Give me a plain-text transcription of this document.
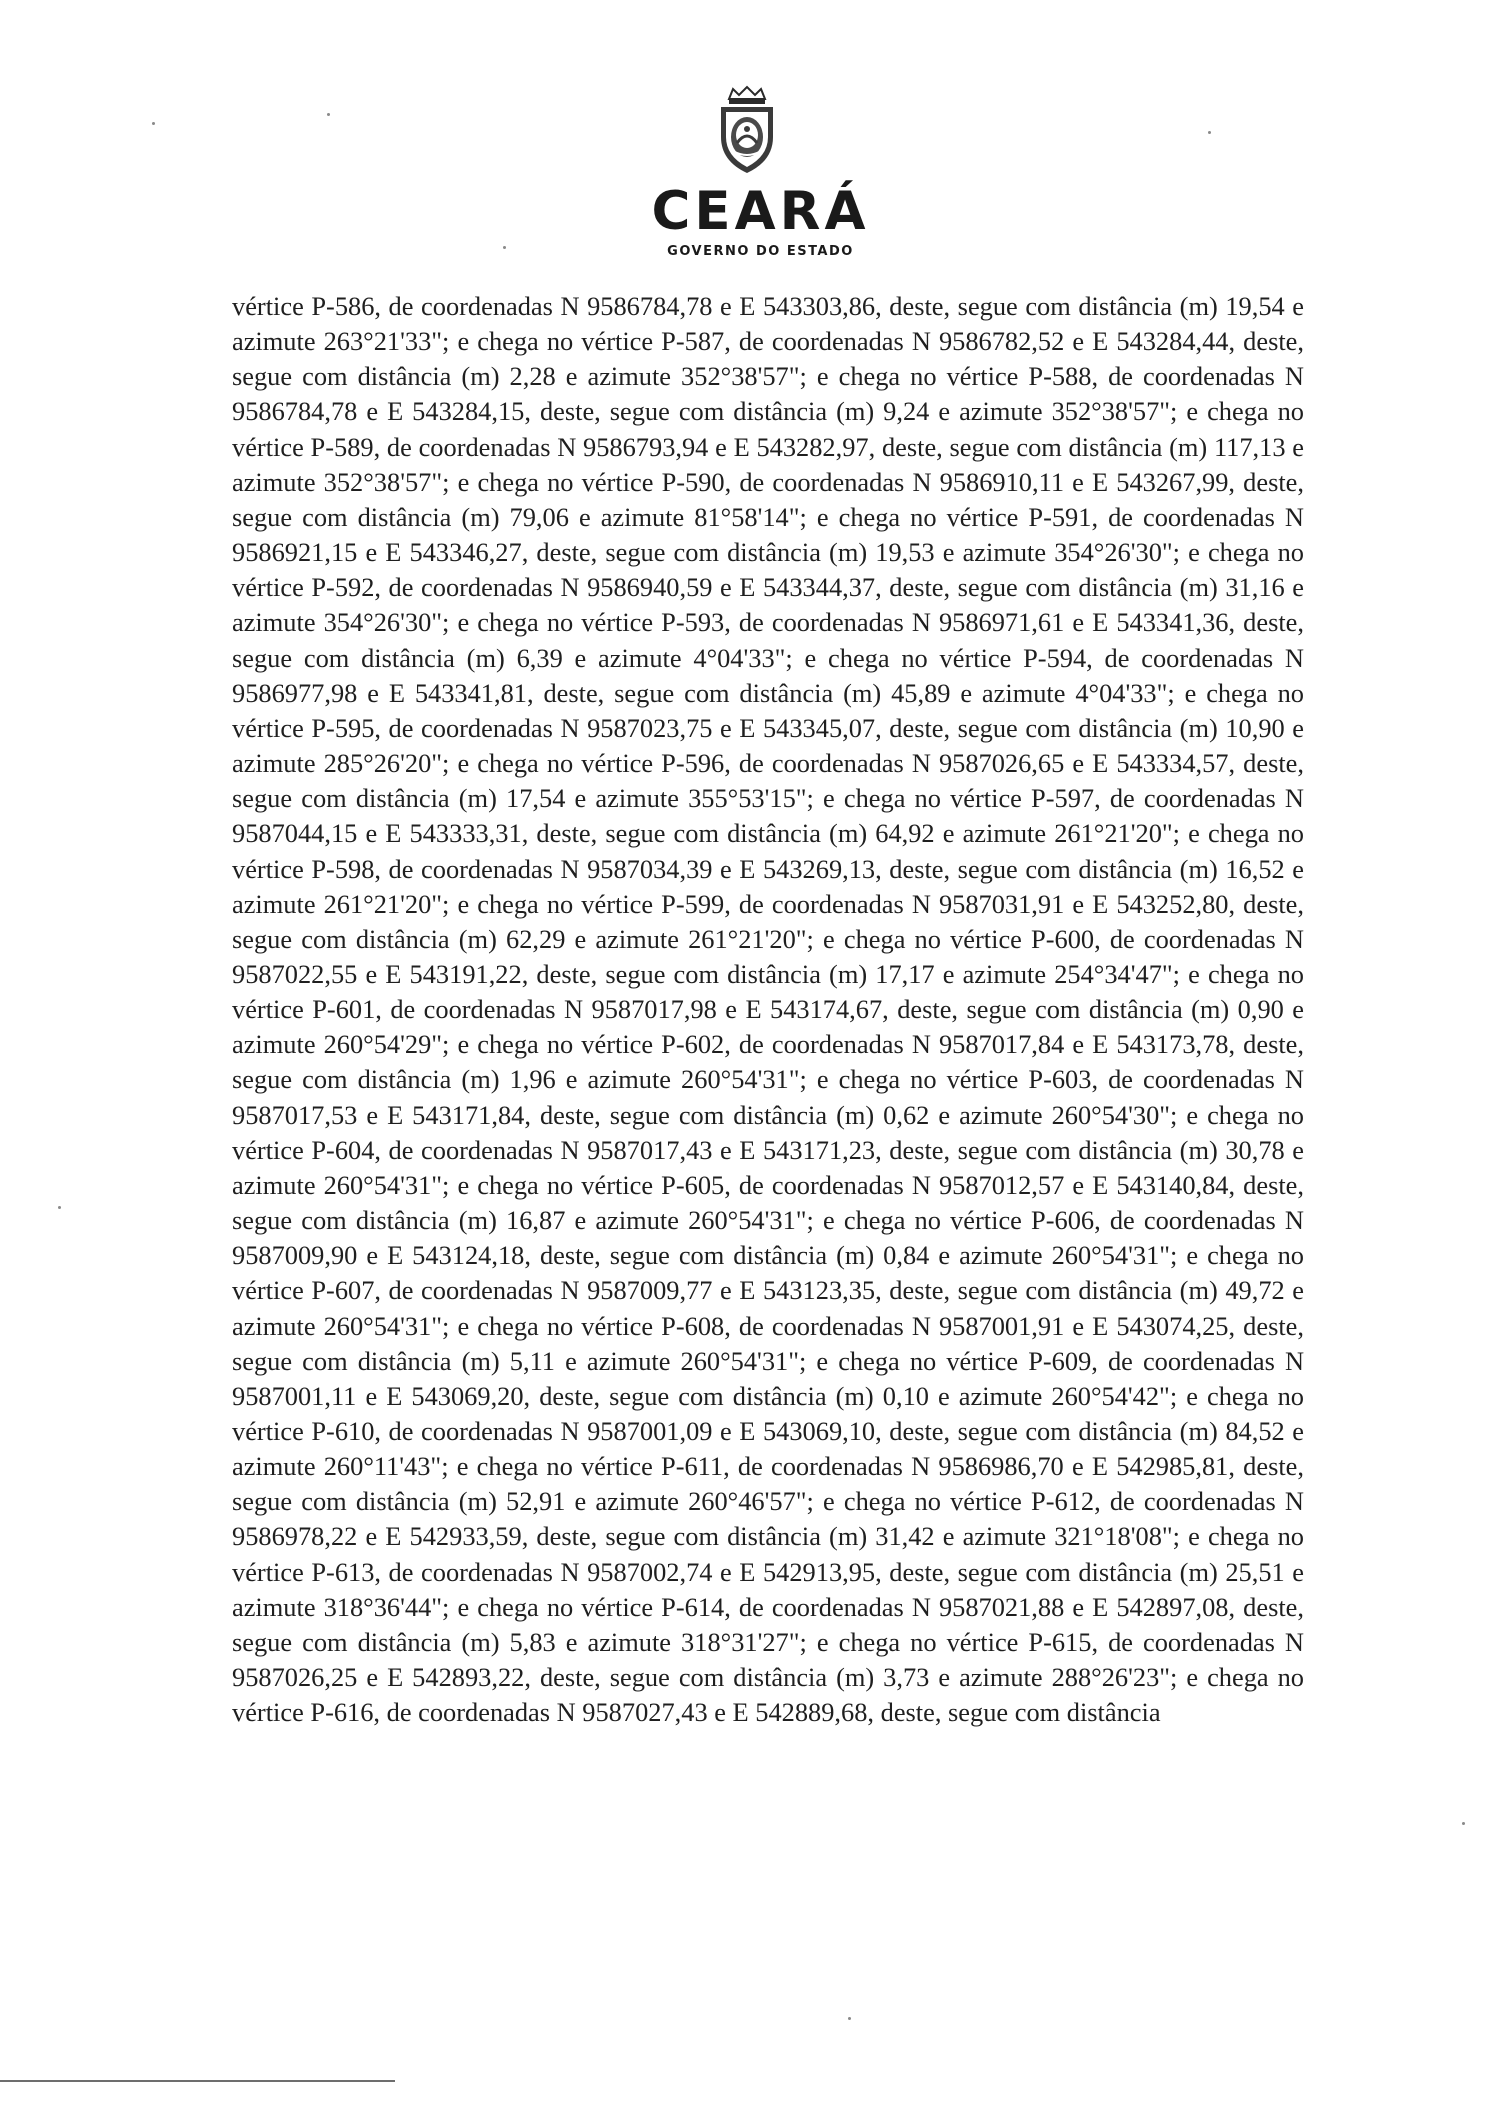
CEARÁ
GOVERNO DO ESTADO

vértice P-586, de coordenadas N 9586784,78 e E 543303,86, deste, segue com distância (m) 19,54 e azimute 263°21'33"; e chega no vértice P-587, de coordenadas N 9586782,52 e E 543284,44, deste, segue com distância (m) 2,28 e azimute 352°38'57"; e chega no vértice P-588, de coordenadas N 9586784,78 e E 543284,15, deste, segue com distância (m) 9,24 e azimute 352°38'57"; e chega no vértice P-589, de coordenadas N 9586793,94 e E 543282,97, deste, segue com distância (m) 117,13 e azimute 352°38'57"; e chega no vértice P-590, de coordenadas N 9586910,11 e E 543267,99, deste, segue com distância (m) 79,06 e azimute 81°58'14"; e chega no vértice P-591, de coordenadas N 9586921,15 e E 543346,27, deste, segue com distância (m) 19,53 e azimute 354°26'30"; e chega no vértice P-592, de coordenadas N 9586940,59 e E 543344,37, deste, segue com distância (m) 31,16 e azimute 354°26'30"; e chega no vértice P-593, de coordenadas N 9586971,61 e E 543341,36, deste, segue com distância (m) 6,39 e azimute 4°04'33"; e chega no vértice P-594, de coordenadas N 9586977,98 e E 543341,81, deste, segue com distância (m) 45,89 e azimute 4°04'33"; e chega no vértice P-595, de coordenadas N 9587023,75 e E 543345,07, deste, segue com distância (m) 10,90 e azimute 285°26'20"; e chega no vértice P-596, de coordenadas N 9587026,65 e E 543334,57, deste, segue com distância (m) 17,54 e azimute 355°53'15"; e chega no vértice P-597, de coordenadas N 9587044,15 e E 543333,31, deste, segue com distância (m) 64,92 e azimute 261°21'20"; e chega no vértice P-598, de coordenadas N 9587034,39 e E 543269,13, deste, segue com distância (m) 16,52 e azimute 261°21'20"; e chega no vértice P-599, de coordenadas N 9587031,91 e E 543252,80, deste, segue com distância (m) 62,29 e azimute 261°21'20"; e chega no vértice P-600, de coordenadas N 9587022,55 e E 543191,22, deste, segue com distância (m) 17,17 e azimute 254°34'47"; e chega no vértice P-601, de coordenadas N 9587017,98 e E 543174,67, deste, segue com distância (m) 0,90 e azimute 260°54'29"; e chega no vértice P-602, de coordenadas N 9587017,84 e E 543173,78, deste, segue com distância (m) 1,96 e azimute 260°54'31"; e chega no vértice P-603, de coordenadas N 9587017,53 e E 543171,84, deste, segue com distância (m) 0,62 e azimute 260°54'30"; e chega no vértice P-604, de coordenadas N 9587017,43 e E 543171,23, deste, segue com distância (m) 30,78 e azimute 260°54'31"; e chega no vértice P-605, de coordenadas N 9587012,57 e E 543140,84, deste, segue com distância (m) 16,87 e azimute 260°54'31"; e chega no vértice P-606, de coordenadas N 9587009,90 e E 543124,18, deste, segue com distância (m) 0,84 e azimute 260°54'31"; e chega no vértice P-607, de coordenadas N 9587009,77 e E 543123,35, deste, segue com distância (m) 49,72 e azimute 260°54'31"; e chega no vértice P-608, de coordenadas N 9587001,91 e E 543074,25, deste, segue com distância (m) 5,11 e azimute 260°54'31"; e chega no vértice P-609, de coordenadas N 9587001,11 e E 543069,20, deste, segue com distância (m) 0,10 e azimute 260°54'42"; e chega no vértice P-610, de coordenadas N 9587001,09 e E 543069,10, deste, segue com distância (m) 84,52 e azimute 260°11'43"; e chega no vértice P-611, de coordenadas N 9586986,70 e E 542985,81, deste, segue com distância (m) 52,91 e azimute 260°46'57"; e chega no vértice P-612, de coordenadas N 9586978,22 e E 542933,59, deste, segue com distância (m) 31,42 e azimute 321°18'08"; e chega no vértice P-613, de coordenadas N 9587002,74 e E 542913,95, deste, segue com distância (m) 25,51 e azimute 318°36'44"; e chega no vértice P-614, de coordenadas N 9587021,88 e E 542897,08, deste, segue com distância (m) 5,83 e azimute 318°31'27"; e chega no vértice P-615, de coordenadas N 9587026,25 e E 542893,22, deste, segue com distância (m) 3,73 e azimute 288°26'23"; e chega no vértice P-616, de coordenadas N 9587027,43 e E 542889,68, deste, segue com distância
